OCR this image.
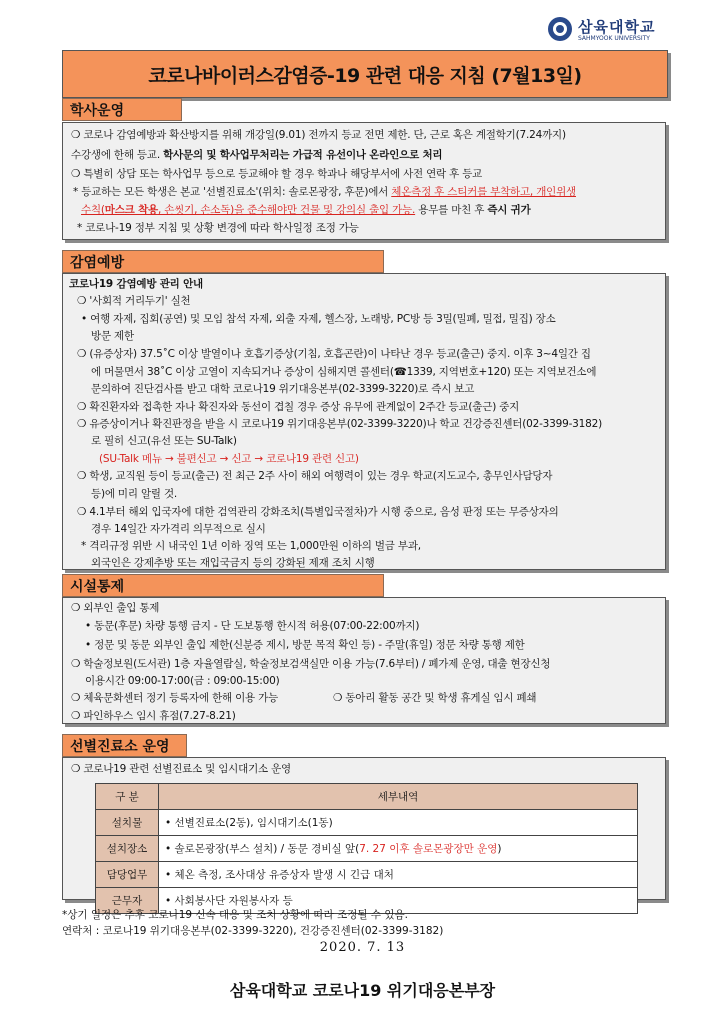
삼육대학교
SAHMYOOK UNIVERSITY
코로나바이러스감염증-19 관련 대응 지침 (7월13일)
학사운영
❍ 코로나 감염예방과 확산방지를 위해 개강일(9.01) 전까지 등교 전면 제한. 단, 근로 혹은 계절학기(7.24까지)
수강생에 한해 등교. 학사문의 및 학사업무처리는 가급적 유선이나 온라인으로 처리
❍ 특별히 상담 또는 학사업무 등으로 등교해야 할 경우 학과나 해당부서에 사전 연락 후 등교
* 등교하는 모든 학생은 본교 '선별진료소'(위치: 솔로몬광장, 후문)에서 체온측정 후 스티커를 부착하고, 개인위생
수칙(마스크 착용, 손씻기, 손소독)을 준수해야만 건물 및 강의실 출입 가능. 용무를 마친 후 즉시 귀가
* 코로나-19 정부 지침 및 상황 변경에 따라 학사일정 조정 가능
감염예방
코로나19 감염예방 관리 안내
❍ '사회적 거리두기' 실천
• 여행 자제, 집회(공연) 및 모임 참석 자제, 외출 자제, 헬스장, 노래방, PC방 등 3밀(밀폐, 밀접, 밀집) 장소
방문 제한
❍ (유증상자) 37.5˚C 이상 발열이나 호흡기증상(기침, 호흡곤란)이 나타난 경우 등교(출근) 중지. 이후 3~4일간 집
에 머물면서 38˚C 이상 고열이 지속되거나 증상이 심해지면 콜센터(☎1339, 지역번호+120) 또는 지역보건소에
문의하여 진단검사를 받고 대학 코로나19 위기대응본부(02-3399-3220)로 즉시 보고
❍ 확진환자와 접촉한 자나 확진자와 동선이 겹칠 경우 증상 유무에 관계없이 2주간 등교(출근) 중지
❍ 유증상이거나 확진판정을 받을 시 코로나19 위기대응본부(02-3399-3220)나 학교 건강증진센터(02-3399-3182)
로 필히 신고(유선 또는 SU-Talk)
(SU-Talk 메뉴 → 불편신고 → 신고 → 코로나19 관련 신고)
❍ 학생, 교직원 등이 등교(출근) 전 최근 2주 사이 해외 여행력이 있는 경우 학교(지도교수, 총무인사담당자
등)에 미리 알릴 것.
❍ 4.1부터 해외 입국자에 대한 검역관리 강화조치(특별입국절차)가 시행 중으로, 음성 판정 또는 무증상자의
경우 14일간 자가격리 의무적으로 실시
* 격리규정 위반 시 내국인 1년 이하 징역 또는 1,000만원 이하의 벌금 부과,
외국인은 강제추방 또는 재입국금지 등의 강화된 제재 조치 시행
시설통제
❍ 외부인 출입 통제
• 동문(후문) 차량 통행 금지 - 단 도보통행 한시적 허용(07:00-22:00까지)
• 정문 및 동문 외부인 출입 제한(신분증 제시, 방문 목적 확인 등) - 주말(휴일) 정문 차량 통행 제한
❍ 학술정보원(도서관) 1층 자율열람실, 학술정보검색실만 이용 가능(7.6부터) / 폐가제 운영, 대출 현장신청
이용시간 09:00-17:00(금 : 09:00-15:00)
❍ 체육문화센터 정기 등록자에 한해 이용 가능	❍ 동아리 활동 공간 및 학생 휴게실 임시 폐쇄
❍ 파인하우스 임시 휴점(7.27-8.21)
선별진료소 운영
❍ 코로나19 관련 선별진료소 및 임시대기소 운영
구 분	세부내역
설치물	• 선별진료소(2동), 임시대기소(1동)
설치장소	• 솔로몬광장(부스 설치) / 동문 경비실 앞(7. 27 이후 솔로몬광장만 운영)
담당업무	• 체온 측정, 조사대상 유증상자 발생 시 긴급 대처
근무자	• 사회봉사단 자원봉사자 등
*상기 일정은 추후 코로나19 신속 대응 및 조치 상황에 따라 조정될 수 있음.
연락처 : 코로나19 위기대응본부(02-3399-3220), 건강증진센터(02-3399-3182)
2020. 7. 13
삼육대학교 코로나19 위기대응본부장
